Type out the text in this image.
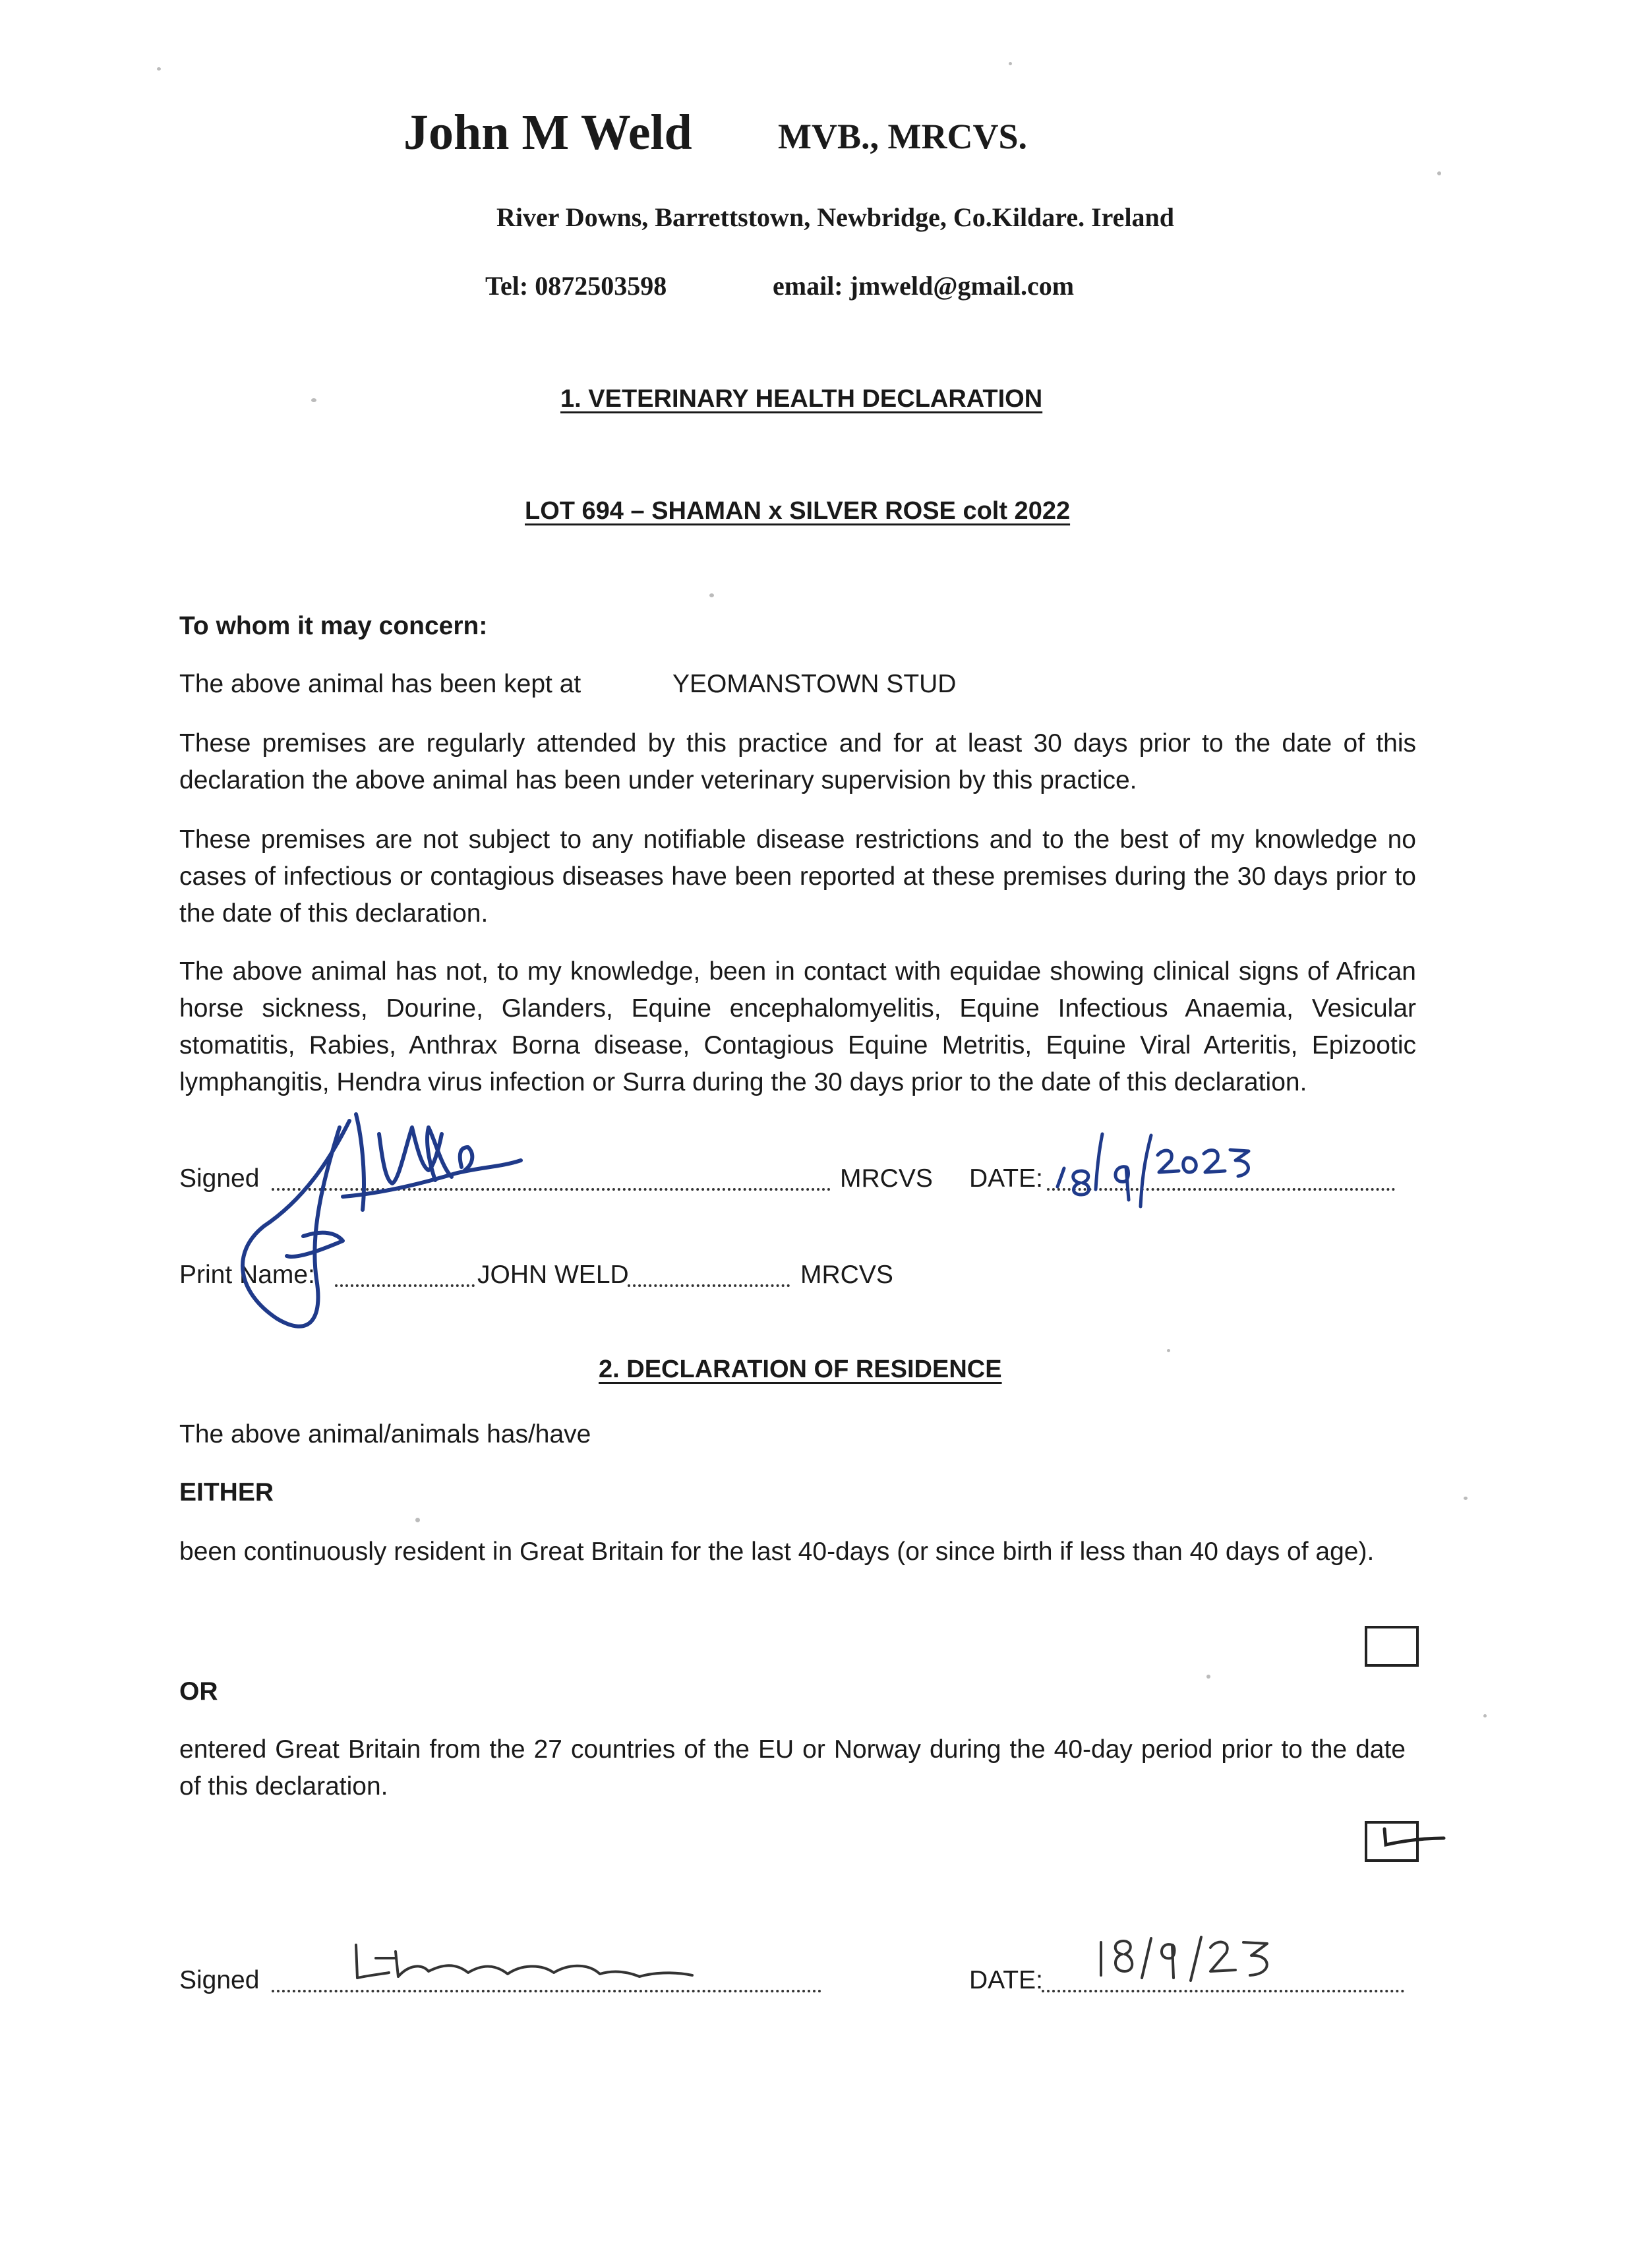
John M Weld MVB., MRCVS.
River Downs, Barrettstown, Newbridge, Co.Kildare. Ireland
Tel: 0872503598	email: jmweld@gmail.com
1. VETERINARY HEALTH DECLARATION
LOT 694 – SHAMAN x SILVER ROSE colt 2022
To whom it may concern:
The above animal has been kept at	YEOMANSTOWN STUD
These premises are regularly attended by this practice and for at least 30 days prior to the date of this declaration the above animal has been under veterinary supervision by this practice.
These premises are not subject to any notifiable disease restrictions and to the best of my knowledge no cases of infectious or contagious diseases have been reported at these premises during the 30 days prior to the date of this declaration.
The above animal has not, to my knowledge, been in contact with equidae showing clinical signs of African horse sickness, Dourine, Glanders, Equine encephalomyelitis, Equine Infectious Anaemia, Vesicular stomatitis, Rabies, Anthrax Borna disease, Contagious Equine Metritis, Equine Viral Arteritis, Epizootic lymphangitis, Hendra virus infection or Surra during the 30 days prior to the date of this declaration.
Signed	MRCVS DATE:
Print Name:	JOHN WELD	MRCVS
2. DECLARATION OF RESIDENCE
The above animal/animals has/have
EITHER
been continuously resident in Great Britain for the last 40-days (or since birth if less than 40 days of age).
OR
entered Great Britain from the 27 countries of the EU or Norway during the 40-day period prior to the date of this declaration.
Signed	DATE:
